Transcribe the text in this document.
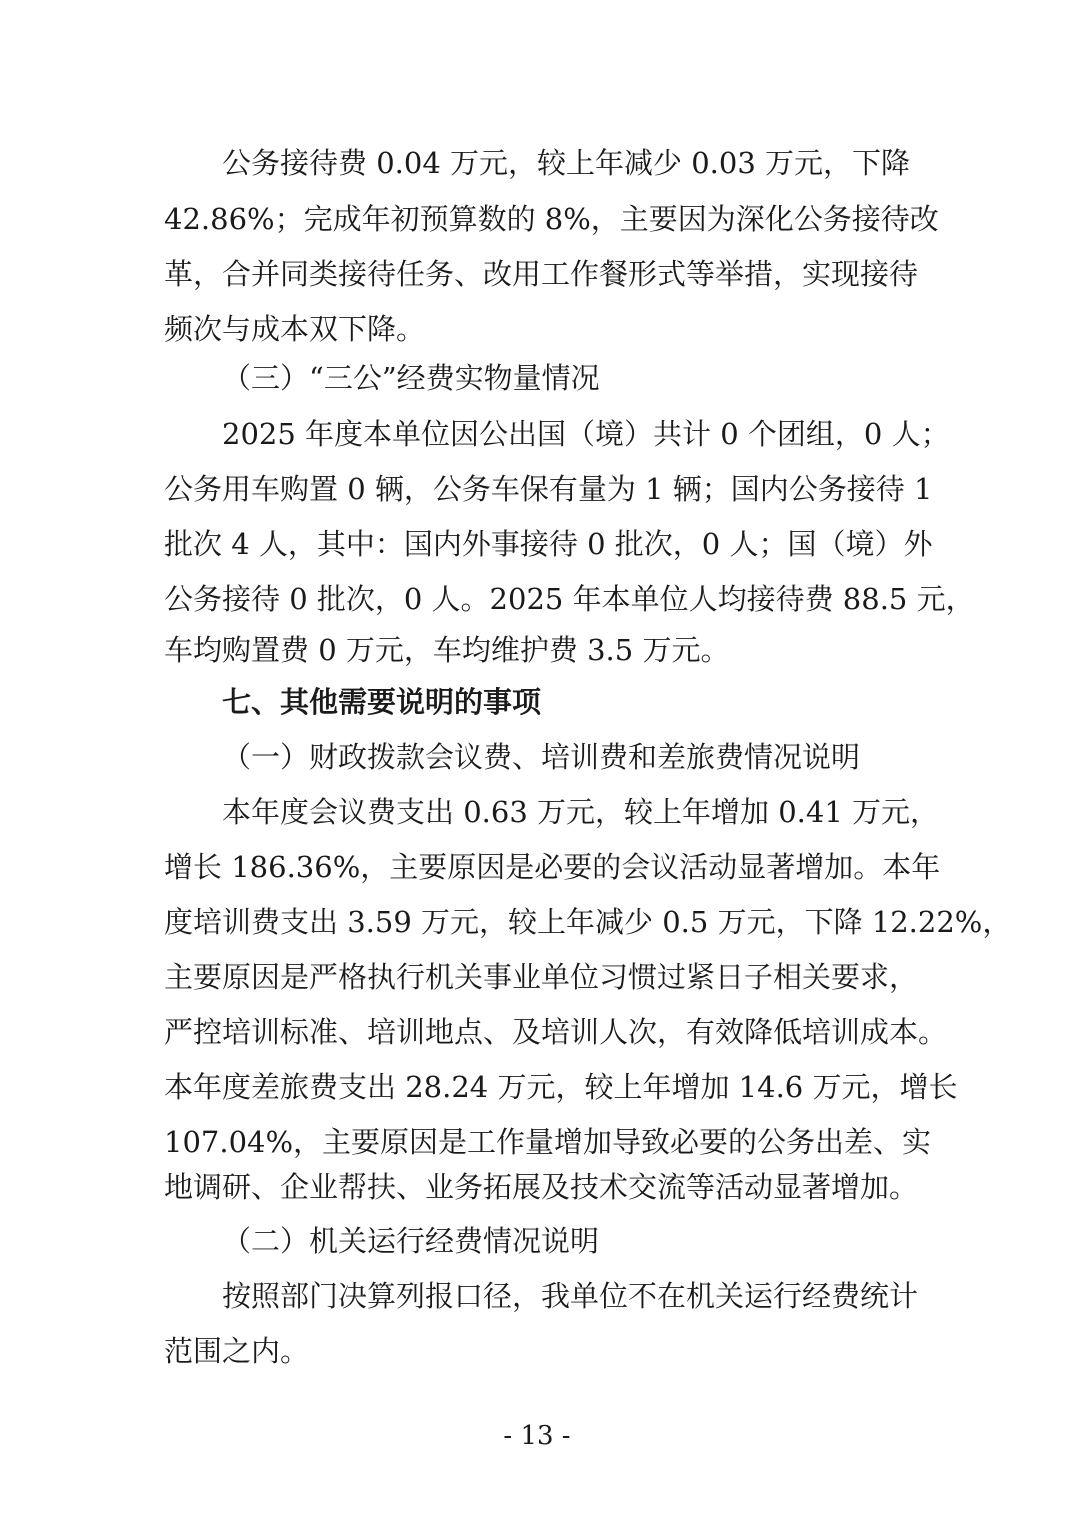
公务接待费 0.04 万元，较上年减少 0.03 万元，下降
42.86%；完成年初预算数的 8%，主要因为深化公务接待改
革，合并同类接待任务、改用工作餐形式等举措，实现接待
频次与成本双下降。
（三）“三公”经费实物量情况
2025 年度本单位因公出国（境）共计 0 个团组，0 人；
公务用车购置 0 辆，公务车保有量为 1 辆；国内公务接待 1
批次 4 人，其中：国内外事接待 0 批次，0 人；国（境）外
公务接待 0 批次，0 人。2025 年本单位人均接待费 88.5 元，
车均购置费 0 万元，车均维护费 3.5 万元。
七、其他需要说明的事项
（一）财政拨款会议费、培训费和差旅费情况说明
本年度会议费支出 0.63 万元，较上年增加 0.41 万元，
增长 186.36%，主要原因是必要的会议活动显著增加。本年
度培训费支出 3.59 万元，较上年减少 0.5 万元，下降 12.22%，
主要原因是严格执行机关事业单位习惯过紧日子相关要求，
严控培训标准、培训地点、及培训人次，有效降低培训成本。
本年度差旅费支出 28.24 万元，较上年增加 14.6 万元，增长
107.04%，主要原因是工作量增加导致必要的公务出差、实
地调研、企业帮扶、业务拓展及技术交流等活动显著增加。
（二）机关运行经费情况说明
按照部门决算列报口径，我单位不在机关运行经费统计
范围之内。
- 13 -
